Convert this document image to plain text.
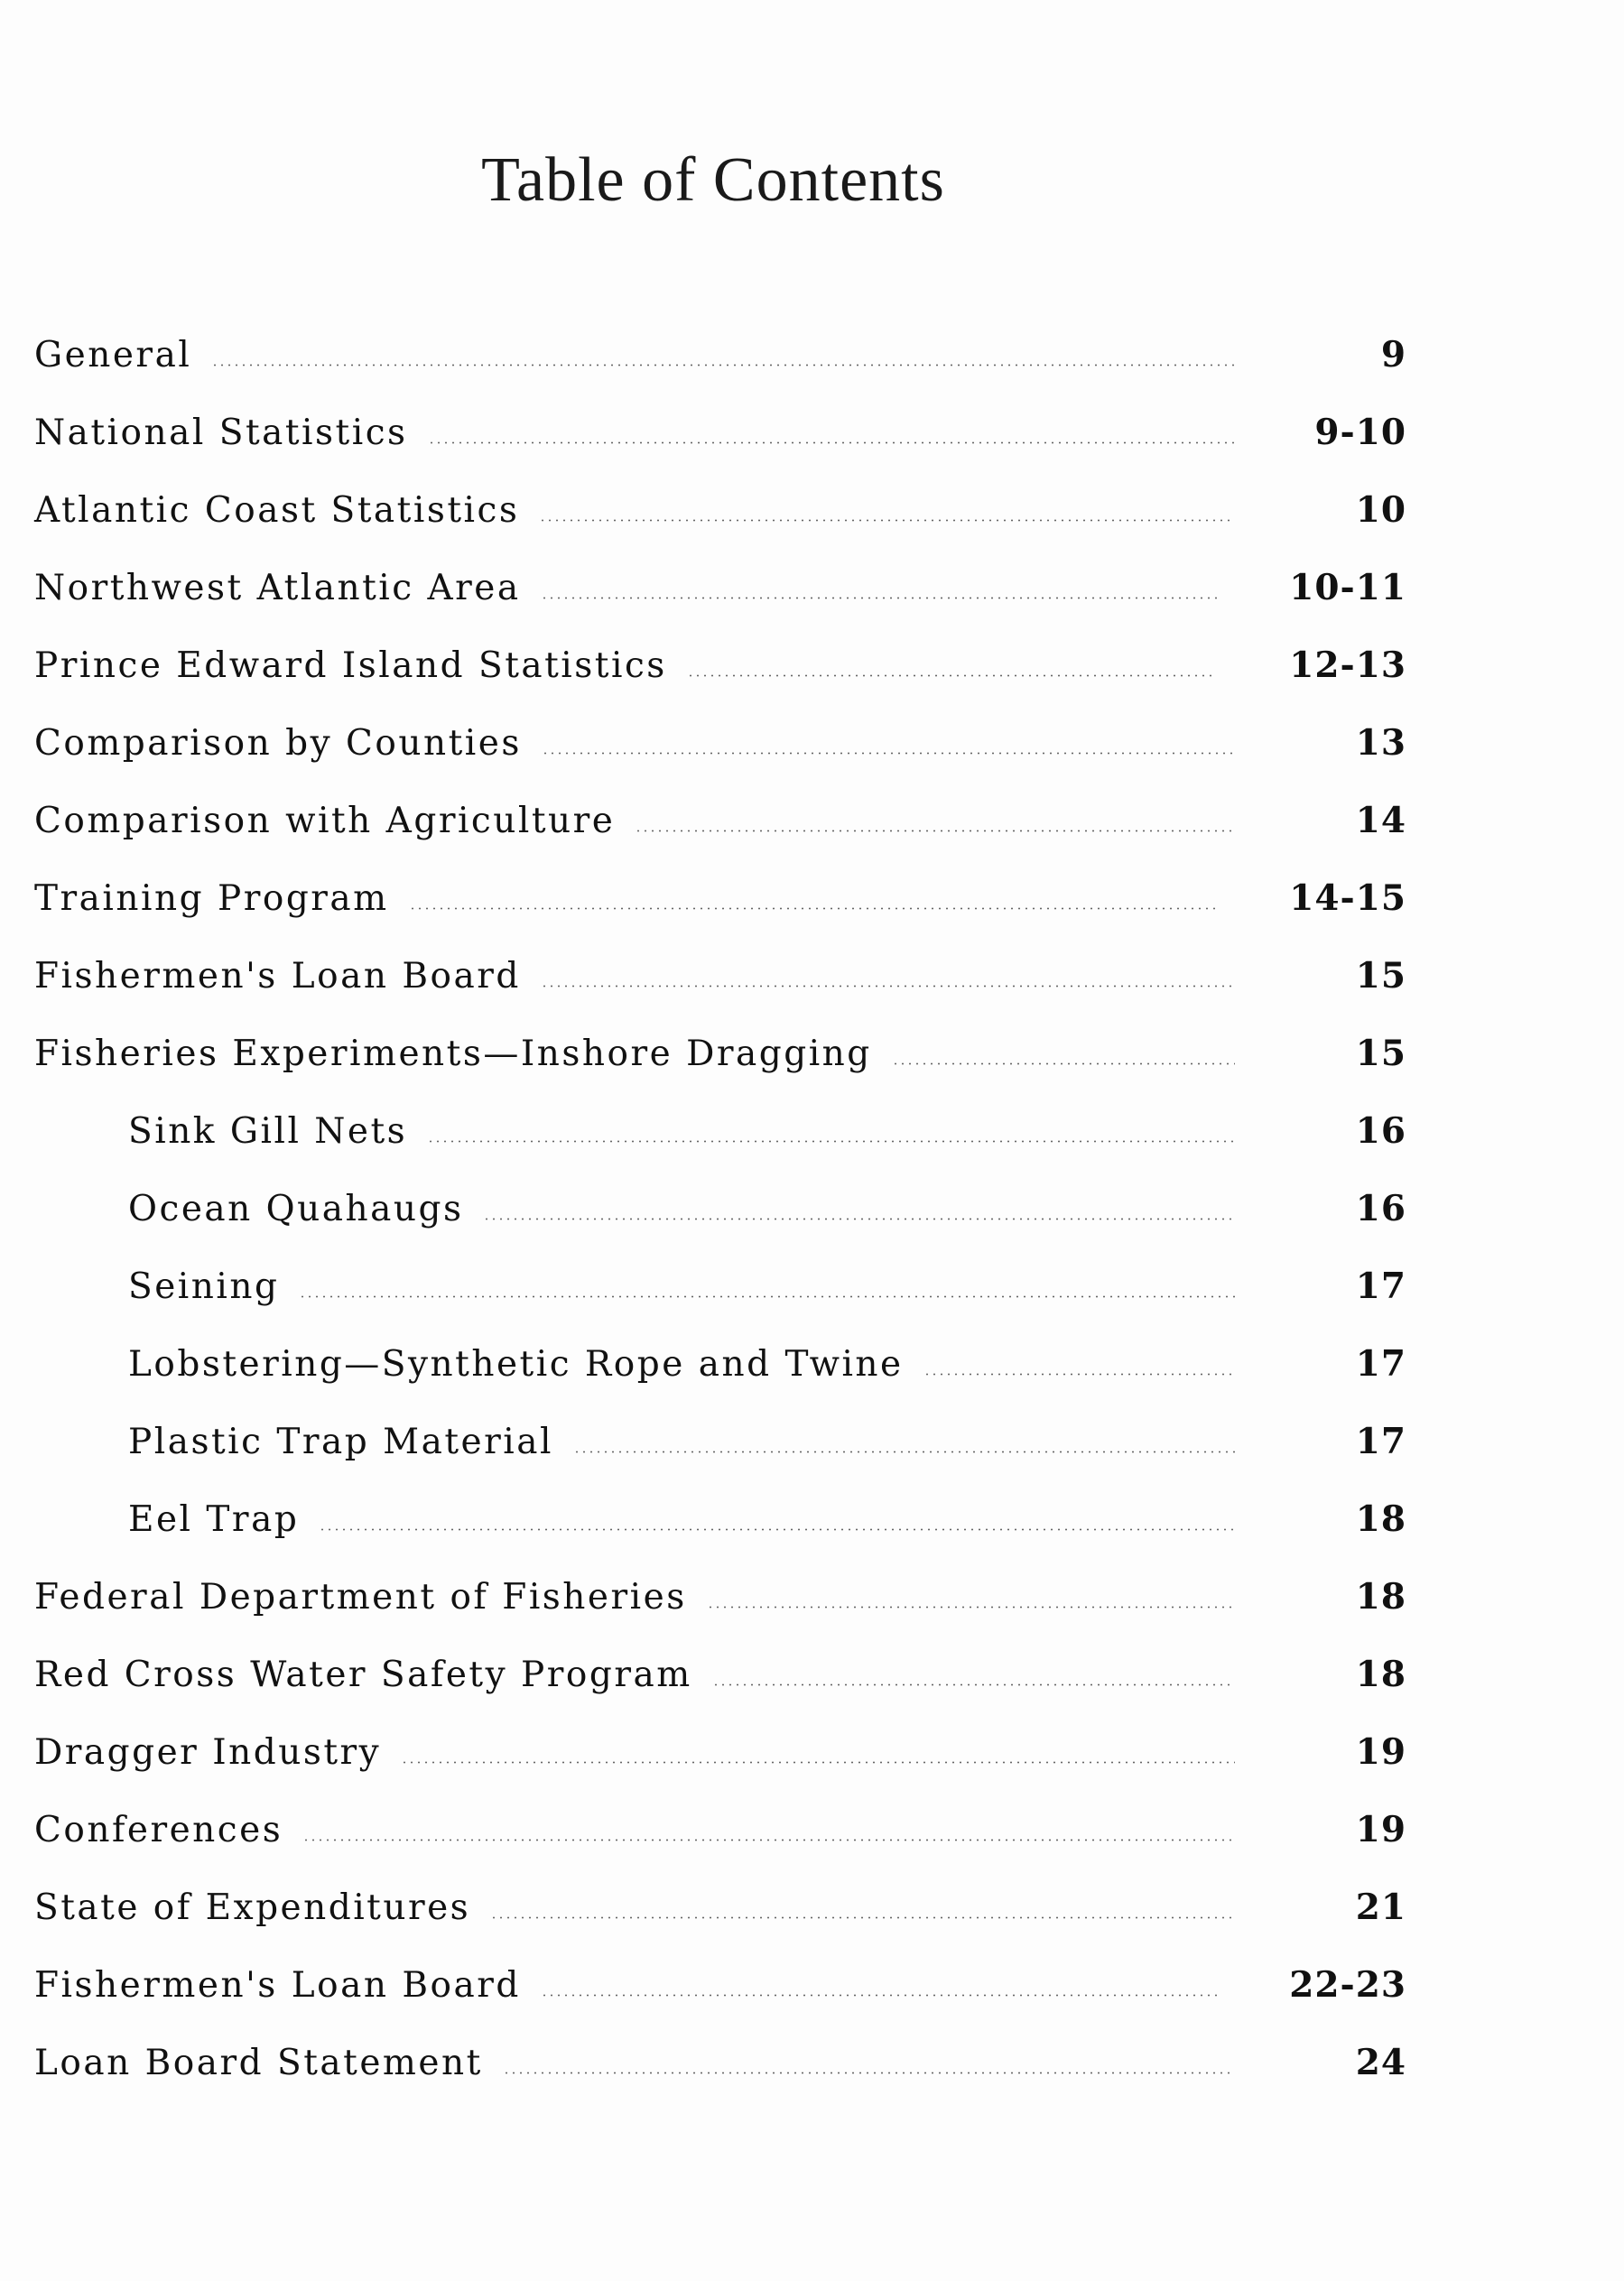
Table of Contents
General	9
National Statistics	9-10
Atlantic Coast Statistics	10
Northwest Atlantic Area	10-11
Prince Edward Island Statistics	12-13
Comparison by Counties	13
Comparison with Agriculture	14
Training Program	14-15
Fishermen's Loan Board	15
Fisheries Experiments—Inshore Dragging	15
Sink Gill Nets	16
Ocean Quahaugs	16
Seining	17
Lobstering—Synthetic Rope and Twine	17
Plastic Trap Material	17
Eel Trap	18
Federal Department of Fisheries	18
Red Cross Water Safety Program	18
Dragger Industry	19
Conferences	19
State of Expenditures	21
Fishermen's Loan Board	22-23
Loan Board Statement	24
